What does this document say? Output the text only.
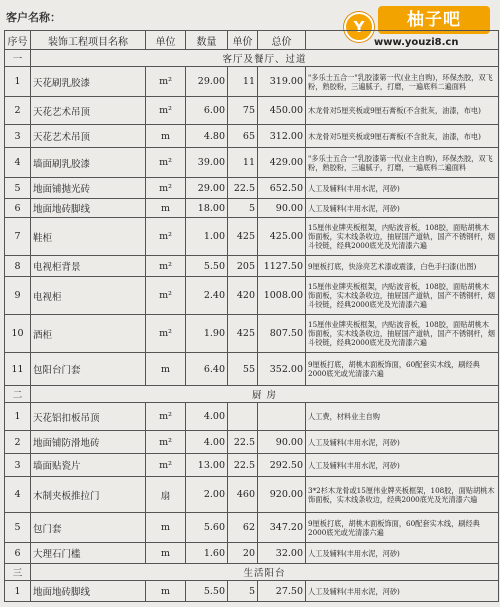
客户名称：
Y	柚子吧
www.youzi8.cn
序号	装饰工程项目名称	单位	数量	单价	总价	
一	客厅及餐厅、过道					
1	天花刷乳胶漆	m²	29.00	11	319.00	"多乐士五合一"乳胶漆第一代(业主自购)，环保杰胶，双飞粉，熟胶粉，三遍腻子，打磨，一遍底料二遍面料
2	天花艺术吊顶	m²	6.00	75	450.00	木龙骨对5厘夹板或9厘石膏板(不含批灰，油漆，布电)
3	天花艺术吊顶	m	4.80	65	312.00	木龙骨对5厘夹板或9厘石膏板(不含批灰，油漆，布电)
4	墙面刷乳胶漆	m²	39.00	11	429.00	"多乐士五合一"乳胶漆第一代(业主自购)，环保杰胶，双飞粉，熟胶粉，三遍腻子，打磨，一遍底料二遍面料
5	地面铺抛光砖	m²	29.00	22.5	652.50	人工及辅料(丰用水泥，河砂)
6	地面地砖脚线	m	18.00	5	90.00	人工及辅料(丰用水泥，河砂)
7	鞋柜	m²	1.00	425	425.00	15厘伟业牌夹板框架，内贴波音板，108胶，面贴胡桃木饰面板，实木线条收边，抽屉国产道轨，国产不锈钢杆，烟斗铰链，经典2000底光及光清漆六遍
8	电视柜背景	m²	5.50	205	1127.50	9厘板打底，快涂亮艺术漆或震漆，白色手扫漆(出图)
9	电视柜	m²	2.40	420	1008.00	15厘伟业牌夹板框架，内贴波音板，108胶，面贴胡桃木饰面板，实木线条收边，抽屉国产道轨，国产不锈钢杆，烟斗铰链，经典2000底光及光清漆六遍
10	酒柜	m²	1.90	425	807.50	15厘伟业牌夹板框架，内贴波音板，108胶，面贴胡桃木饰面板，实木线条收边，抽屉国产道轨，国产不锈钢杆，烟斗铰链，经典2000底光及光清漆六遍
11	包阳台门套	m	6.40	55	352.00	9厘板打底，胡桃木面板饰面，60配套实木线，刷经典2000底光或光清漆六遍
二	厨 房					
1	天花铝扣板吊顶	m²	4.00			人工费，材料业主自购
2	地面铺防滑地砖	m²	4.00	22.5	90.00	人工及辅料(丰用水泥，河砂)
3	墙面贴瓷片	m²	13.00	22.5	292.50	人工及辅料(丰用水泥，河砂)
4	木制夹板推拉门	扇	2.00	460	920.00	3*2杉木龙骨或15厘伟业牌夹板框架，108胶，面贴胡桃木饰面板，实木线条收边，经典2000底光及光清漆六遍
5	包门套	m	5.60	62	347.20	9厘板打底，胡桃木面板饰面，60配套实木线，刷经典2000底光或光清漆六遍
6	大理石门槛	m	1.60	20	32.00	人工及辅料(丰用水泥，河砂)
三	生活阳台					
1	地面地砖脚线	m	5.50	5	27.50	人工及辅料(丰用水泥，河砂)
